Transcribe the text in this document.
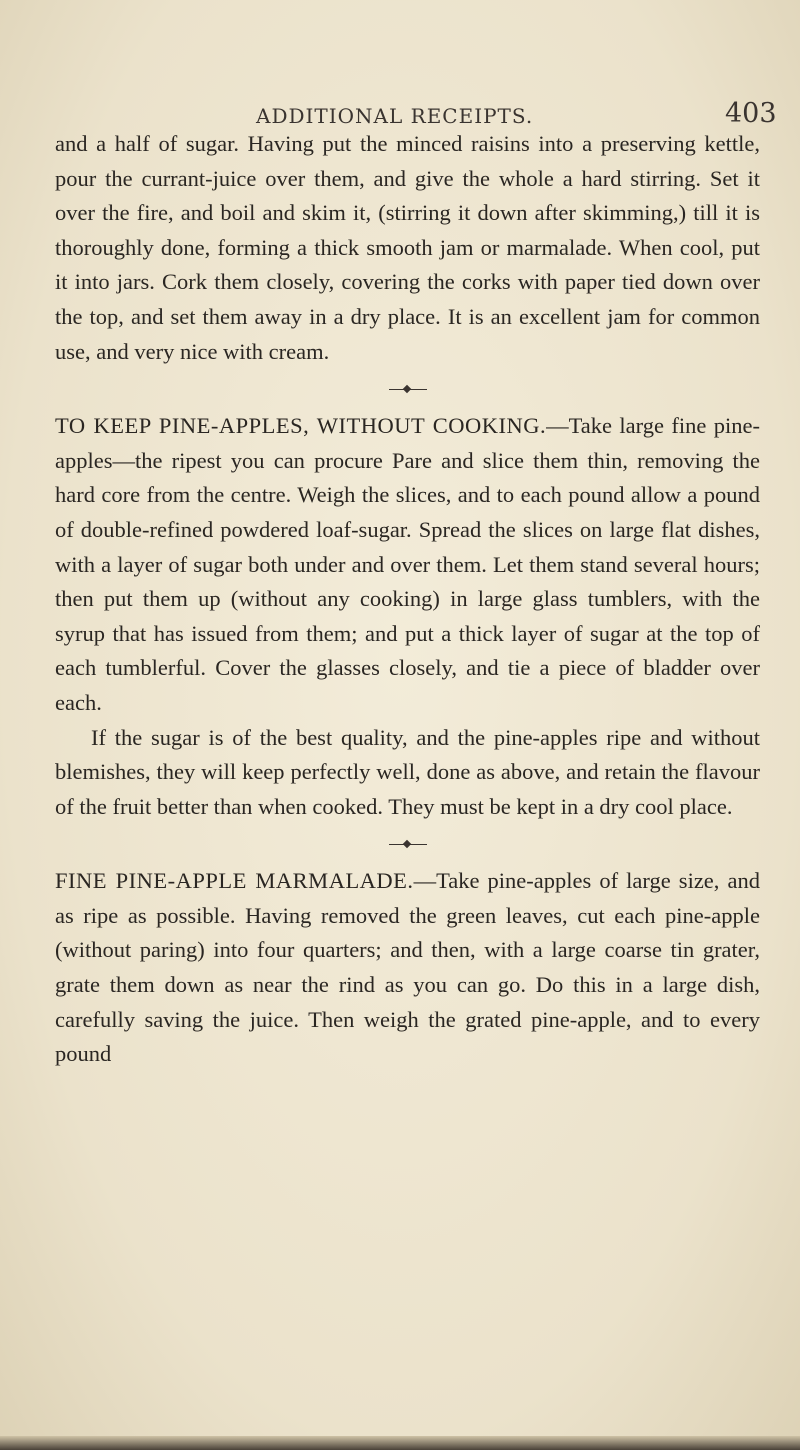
ADDITIONAL RECEIPTS.	403

and a half of sugar. Having put the minced raisins into a preserving kettle, pour the currant-juice over them, and give the whole a hard stirring. Set it over the fire, and boil and skim it, (stirring it down after skimming,) till it is thoroughly done, forming a thick smooth jam or marmalade. When cool, put it into jars. Cork them closely, covering the corks with paper tied down over the top, and set them away in a dry place. It is an excellent jam for common use, and very nice with cream.

TO KEEP PINE-APPLES, WITHOUT COOKING.—Take large fine pine-apples—the ripest you can procure Pare and slice them thin, removing the hard core from the centre. Weigh the slices, and to each pound allow a pound of double-refined powdered loaf-sugar. Spread the slices on large flat dishes, with a layer of sugar both under and over them. Let them stand several hours; then put them up (without any cooking) in large glass tumblers, with the syrup that has issued from them; and put a thick layer of sugar at the top of each tumblerful. Cover the glasses closely, and tie a piece of bladder over each.

If the sugar is of the best quality, and the pine-apples ripe and without blemishes, they will keep perfectly well, done as above, and retain the flavour of the fruit better than when cooked. They must be kept in a dry cool place.

FINE PINE-APPLE MARMALADE.—Take pine-apples of large size, and as ripe as possible. Having removed the green leaves, cut each pine-apple (without paring) into four quarters; and then, with a large coarse tin grater, grate them down as near the rind as you can go. Do this in a large dish, carefully saving the juice. Then weigh the grated pine-apple, and to every pound
